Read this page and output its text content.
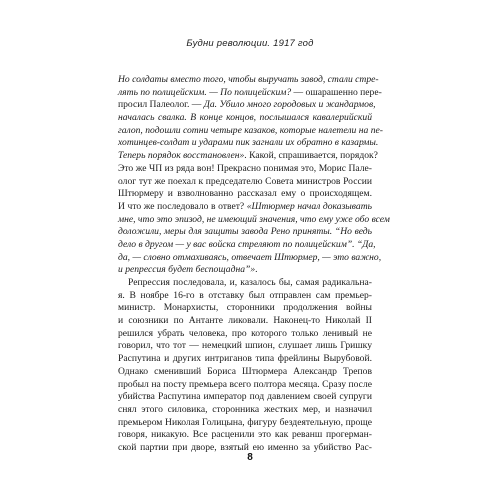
Будни революции. 1917 год
Но солдаты вместо того, чтобы выручать завод, стали стре-
лять по полицейским. — По полицейским? — ошарашенно пере-
просил Палеолог. — Да. Убило много городовых и жандармов,
началась свалка. В конце концов, послышался кавалерийский
галоп, подошли сотни четыре казаков, которые налетели на пе-
хотинцев-солдат и ударами пик загнали их обратно в казармы.
Теперь порядок восстановлен». Какой, спрашивается, порядок?
Это же ЧП из ряда вон! Прекрасно понимая это, Морис Пале-
олог тут же поехал к председателю Совета министров России
Штюрмеру и взволнованно рассказал ему о происходящем.
И что же последовало в ответ? «Штюрмер начал доказывать
мне, что это эпизод, не имеющий значения, что ему уже обо всем
доложили, меры для защиты завода Рено приняты. “Но ведь
дело в другом — у вас войска стреляют по полицейским”. “Да,
да, — словно отмахиваясь, отвечает Штюрмер, — это важно,
и репрессия будет беспощадна”».
Репрессия последовала, и, казалось бы, самая радикальна-
я. В ноябре 16-го в отставку был отправлен сам премьер-
министр. Монархисты, сторонники продолжения войны
и союзники по Антанте ликовали. Наконец-то Николай II
решился убрать человека, про которого только ленивый не
говорил, что тот — немецкий шпион, слушает лишь Гришку
Распутина и других интриганов типа фрейлины Вырубовой.
Однако сменивший Бориса Штюрмера Александр Трепов
пробыл на посту премьера всего полтора месяца. Сразу после
убийства Распутина император под давлением своей супруги
снял этого силовика, сторонника жестких мер, и назначил
премьером Николая Голицына, фигуру бездеятельную, проще
говоря, никакую. Все расценили это как реванш прогерман-
ской партии при дворе, взятый ею именно за убийство Рас-
8
